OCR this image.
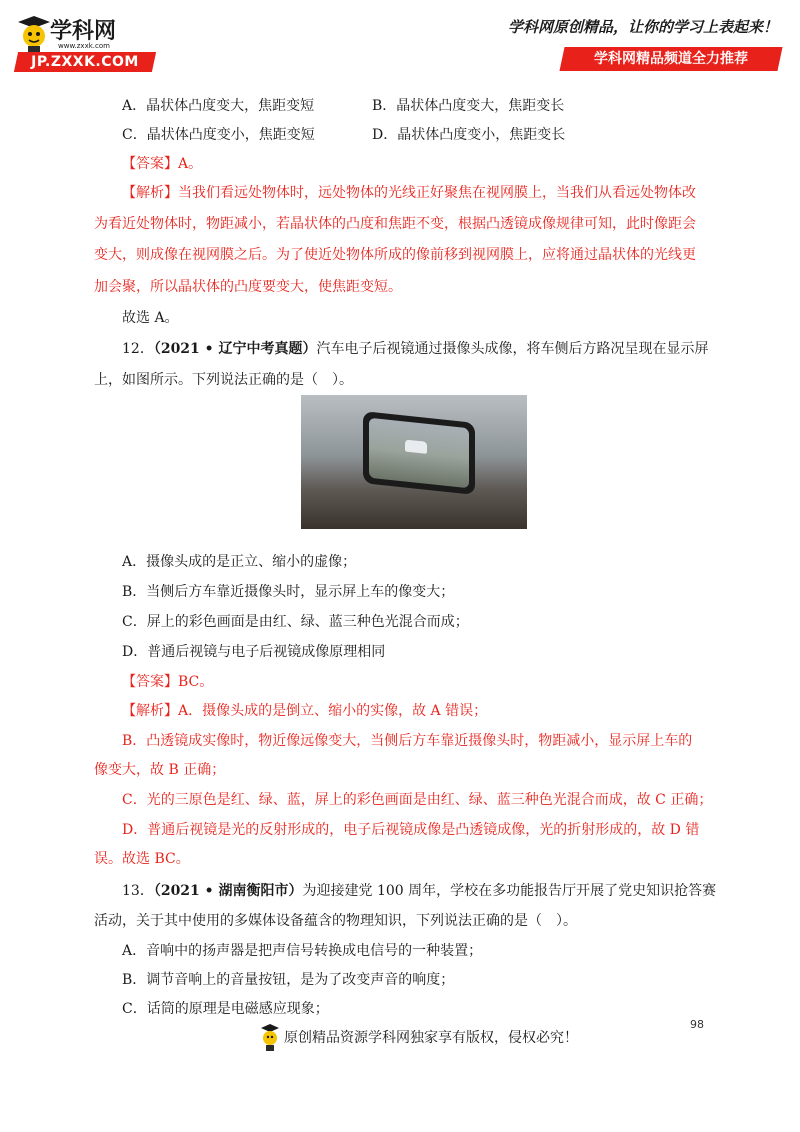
学科网
www.zxxk.com
JP.ZXXK.COM
学科网原创精品，让你的学习上表起来！
学科网精品频道全力推荐
A．晶状体凸度变大，焦距变短	B．晶状体凸度变大，焦距变长
C．晶状体凸度变小，焦距变短	D．晶状体凸度变小，焦距变长
【答案】A。
【解析】当我们看远处物体时，远处物体的光线正好聚焦在视网膜上，当我们从看远处物体改
为看近处物体时，物距减小，若晶状体的凸度和焦距不变，根据凸透镜成像规律可知，此时像距会
变大，则成像在视网膜之后。为了使近处物体所成的像前移到视网膜上，应将通过晶状体的光线更
加会聚，所以晶状体的凸度要变大，使焦距变短。
故选 A。
12．（2021 • 辽宁中考真题）汽车电子后视镜通过摄像头成像，将车侧后方路况呈现在显示屏
上，如图所示。下列说法正确的是（　）。
A．摄像头成的是正立、缩小的虚像；
B．当侧后方车靠近摄像头时，显示屏上车的像变大；
C．屏上的彩色画面是由红、绿、蓝三种色光混合而成；
D．普通后视镜与电子后视镜成像原理相同
【答案】BC。
【解析】A．摄像头成的是倒立、缩小的实像，故 A 错误；
B．凸透镜成实像时，物近像远像变大，当侧后方车靠近摄像头时，物距减小，显示屏上车的
像变大，故 B 正确；
C．光的三原色是红、绿、蓝，屏上的彩色画面是由红、绿、蓝三种色光混合而成，故 C 正确；
D．普通后视镜是光的反射形成的，电子后视镜成像是凸透镜成像，光的折射形成的，故 D 错
误。故选 BC。
13．（2021 • 湖南衡阳市）为迎接建党 100 周年，学校在多功能报告厅开展了党史知识抢答赛
活动，关于其中使用的多媒体设备蕴含的物理知识，下列说法正确的是（　）。
A．音响中的扬声器是把声信号转换成电信号的一种装置；
B．调节音响上的音量按钮，是为了改变声音的响度；
C．话筒的原理是电磁感应现象；
98
原创精品资源学科网独家享有版权，侵权必究！
